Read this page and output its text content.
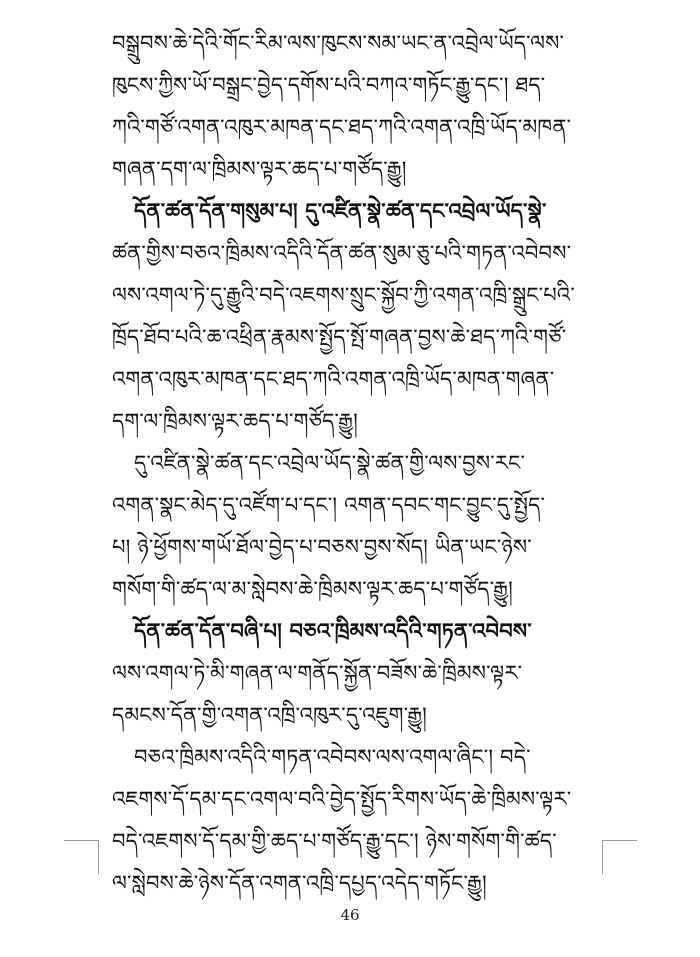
བསྒྲུབས་ཆེ་དེའི་གོང་རིམ་ལས་ཁུངས་སམ་ཡང་ན་འབྲེལ་ཡོད་ལས་
ཁུངས་ཀྱིས་ཡོ་བསྒྲང་བྱེད་དགོས་པའི་བཀའ་གཏོང་རྒྱུ་དང་། ཐད་
ཀའི་གཙོ་འགན་འཁུར་མཁན་དང་ཐད་ཀའི་འགན་འཁྲི་ཡོད་མཁན་
གཞན་དག་ལ་ཁྲིམས་ལྟར་ཆད་པ་གཙོད་རྒྱུ།
དོན་ཚན་དོན་གསུམ་པ། དུ་འཛིན་སྣེ་ཚན་དང་འབྲེལ་ཡོད་སྣེ་
ཚན་གྱིས་བཅའ་ཁྲིམས་འདིའི་དོན་ཚན་སུམ་ཅུ་པའི་གཏན་འབེབས་
ལས་འགལ་ཏེ་དུ་རྒྱུའི་བདེ་འཇགས་སྲུང་སྐྱོབ་ཀྱི་འགན་འཁྲི་སྒྲུང་པའི་
ཁྲོད་ཐོབ་པའི་ཆ་འཕྲིན་རྣམས་སྤྱོད་སྤོ་གཞན་བྱས་ཆེ་ཐད་ཀའི་གཙོ་
འགན་འཁུར་མཁན་དང་ཐད་ཀའི་འགན་འཁྲི་ཡོད་མཁན་གཞན་
དག་ལ་ཁྲིམས་ལྟར་ཆད་པ་གཙོད་རྒྱུ།
དུ་འཛིན་སྣེ་ཚན་དང་འབྲེལ་ཡོད་སྣེ་ཚན་གྱི་ལས་བྱས་རང་
འགན་སྣང་མེད་དུ་འཛོག་པ་དང་། འགན་དབང་གང་བྱུང་དུ་སྤྱོད་
པ། ཉེ་ཕྱོགས་གཡོ་ཐོལ་བྱེད་པ་བཅས་བྱས་སོད། ཡིན་ཡང་ཉེས་
གསོག་གི་ཚད་ལ་མ་སླེབས་ཆེ་ཁྲིམས་ལྟར་ཆད་པ་གཙོད་རྒྱུ།
དོན་ཚན་དོན་བཞི་པ། བཅའ་ཁྲིམས་འདིའི་གཏན་འབེབས་
ལས་འགལ་ཏེ་མི་གཞན་ལ་གནོད་སྐྱོན་བཟོས་ཆེ་ཁྲིམས་ལྟར་
དམངས་དོན་གྱི་འགན་འཁྲི་འཁུར་དུ་འཇུག་རྒྱུ།
བཅའ་ཁྲིམས་འདིའི་གཏན་འབེབས་ལས་འགལ་ཞིང་། བདེ་
འཇགས་དོ་དམ་དང་འགལ་བའི་བྱེད་སྤྱོད་རིགས་ཡོད་ཆེ་ཁྲིམས་ལྟར་
བདེ་འཇགས་དོ་དམ་གྱི་ཆད་པ་གཙོད་རྒྱུ་དང་། ཉེས་གསོག་གི་ཚད་
ལ་སླེབས་ཆེ་ཉེས་དོན་འགན་འཁྲི་དཔྱད་འདེད་གཏོང་རྒྱུ།
46
